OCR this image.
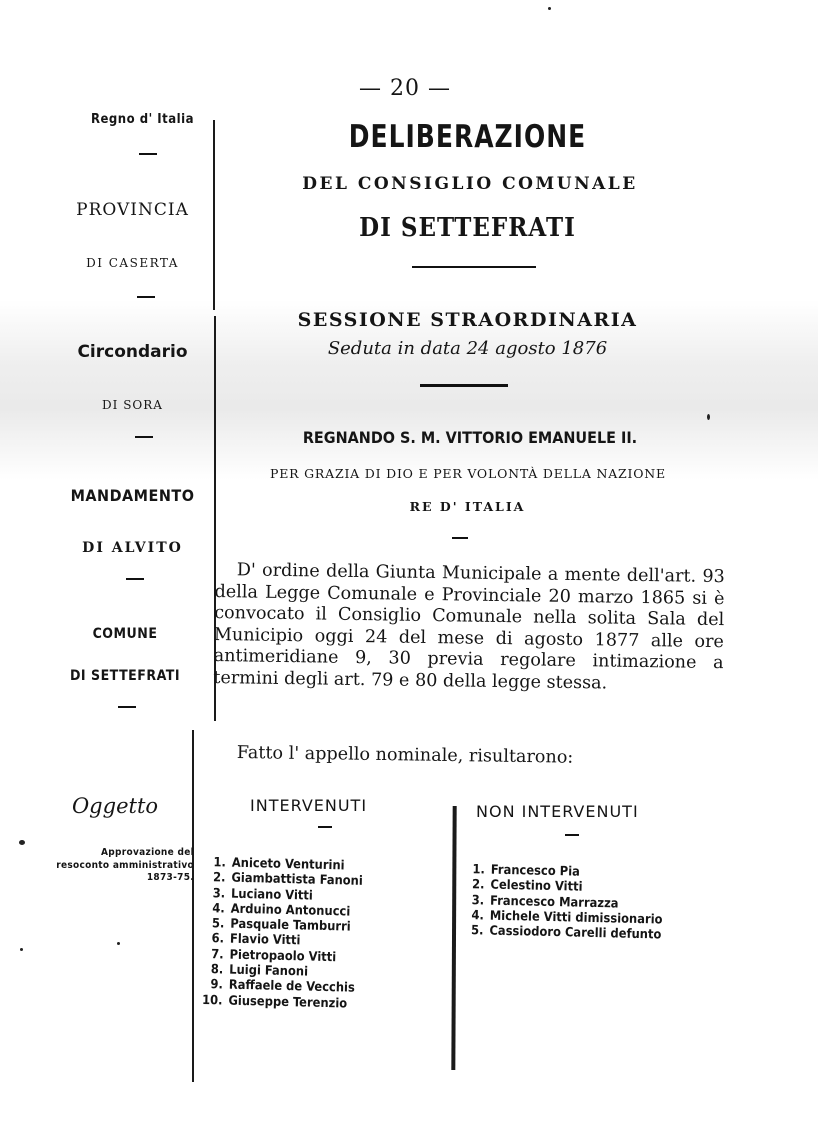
— 20 —
Regno d' Italia
PROVINCIA
DI CASERTA
Circondario
DI SORA
MANDAMENTO
DI ALVITO
COMUNE
DI SETTEFRATI
Oggetto
Approvazione del resoconto amministrativo 1873-75.
DELIBERAZIONE
DEL CONSIGLIO COMUNALE
DI SETTEFRATI
SESSIONE STRAORDINARIA
Seduta in data 24 agosto 1876
REGNANDO S. M. VITTORIO EMANUELE II.
PER GRAZIA DI DIO E PER VOLONTÀ DELLA NAZIONE
RE D' ITALIA
D' ordine della Giunta Municipale a mente dell'art. 93 della Legge Comunale e Provinciale 20 marzo 1865 si è convocato il Consiglio Comunale nella solita Sala del Municipio oggi 24 del mese di agosto 1877 alle ore antimeridiane 9, 30 previa regolare intimazione a termini degli art. 79 e 80 della legge stessa.
Fatto l' appello nominale, risultarono:
INTERVENUTI	NON INTERVENUTI
1. Aniceto Venturini
2. Giambattista Fanoni
3. Luciano Vitti
4. Arduino Antonucci
5. Pasquale Tamburri
6. Flavio Vitti
7. Pietropaolo Vitti
8. Luigi Fanoni
9. Raffaele de Vecchis
10. Giuseppe Terenzio
1. Francesco Pia
2. Celestino Vitti
3. Francesco Marrazza
4. Michele Vitti dimissionario
5. Cassiodoro Carelli defunto
